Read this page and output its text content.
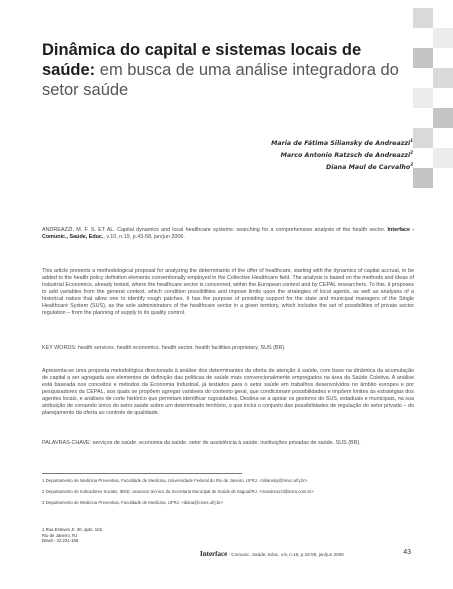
Dinâmica do capital e sistemas locais de saúde: em busca de uma análise integradora do setor saúde
Maria de Fátima Siliansky de Andreazzi$^1$
Marco Antonio Ratzsch de Andreazzi$^2$
Diana Maul de Carvalho$^3$
ANDREAZZI, M. F. S. ET AL. Capital dynamics and local healthcare systems: searching for a comprehensive analysis of the health sector. Interface - Comunic., Saúde, Educ., v.10, n.19, p.43-58, jan/jun 2006.
This article presents a methodological proposal for analyzing the determinants of the offer of healthcare, starting with the dynamics of capital accrual, to be added to the health policy definition elements conventionally employed in the Collective Healthcare field. The analysis is based on the methods and ideas of Industrial Economics, already tested, where the healthcare sector is concerned, within the European context and by CEPAL researchers. To this, it proposes to add variables from the general context, which condition possibilities and impose limits upon the strategies of local agents, as well as analyses of a historical nature that allow one to identify rough patches. It has the purpose of providing support for the state and municipal managers of the Single Healthcare System (SUS), as the sole administrators of the healthcare sector in a given territory, which includes the set of possibilities of private sector regulation – from the planning of supply to its quality control.
KEY WORDS: health services. health economics. health sector. health facilities proprietary. SUS (BR).
Apresenta-se uma proposta metodológica direcionada à análise dos determinantes da oferta de atenção à saúde, com base na dinâmica da acumulação de capital a ser agregada aos elementos de definição das políticas de saúde mais convencionalmente empregados na área da Saúde Coletiva. A análise está baseada nos conceitos e métodos da Economia Industrial, já testados para o setor saúde em trabalhos desenvolvidos no âmbito europeu e por pesquisadores da CEPAL, aos quais se propõem agregar variáveis do contexto geral, que condicionam possibilidades e impõem limites às estratégias dos agentes locais, e análises de corte histórico que permitam identificar rugosidades. Destina-se a apoiar os gestores do SUS, estaduais e municipais, na sua atribuição de comando único do setor saúde sobre um determinado território, o que inclui o conjunto das possibilidades de regulação do setor privado – do planejamento da oferta ao controle de qualidade.
PALAVRAS-CHAVE: serviços de saúde. economia da saúde. setor de assistência à saúde. instituições privadas de saúde. SUS (BR).
1 Departamento de Medicina Preventiva, Faculdade de Medicina, Universidade Federal do Rio de Janeiro, UFRJ. <siliansky@hmsc.ufrj.br>
2 Departamento de Indicadores Sociais, IBGE; assessor técnico da Secretaria Municipal de Saúde de Itaguaí/RJ. <mandreazzi@terra.com.br>
3 Departamento de Medicina Preventiva, Faculdade de Medicina, UFRJ. <diana@cives.ufrj.br>
1 Rua Esteves Jr. 30, apto. 102.
Rio de Janeiro, RJ
Brasil - 22.231-160
Interface - Comunic, Saúde, Educ, v.9, n.18, p.43-58, jan/jun 2006	43
